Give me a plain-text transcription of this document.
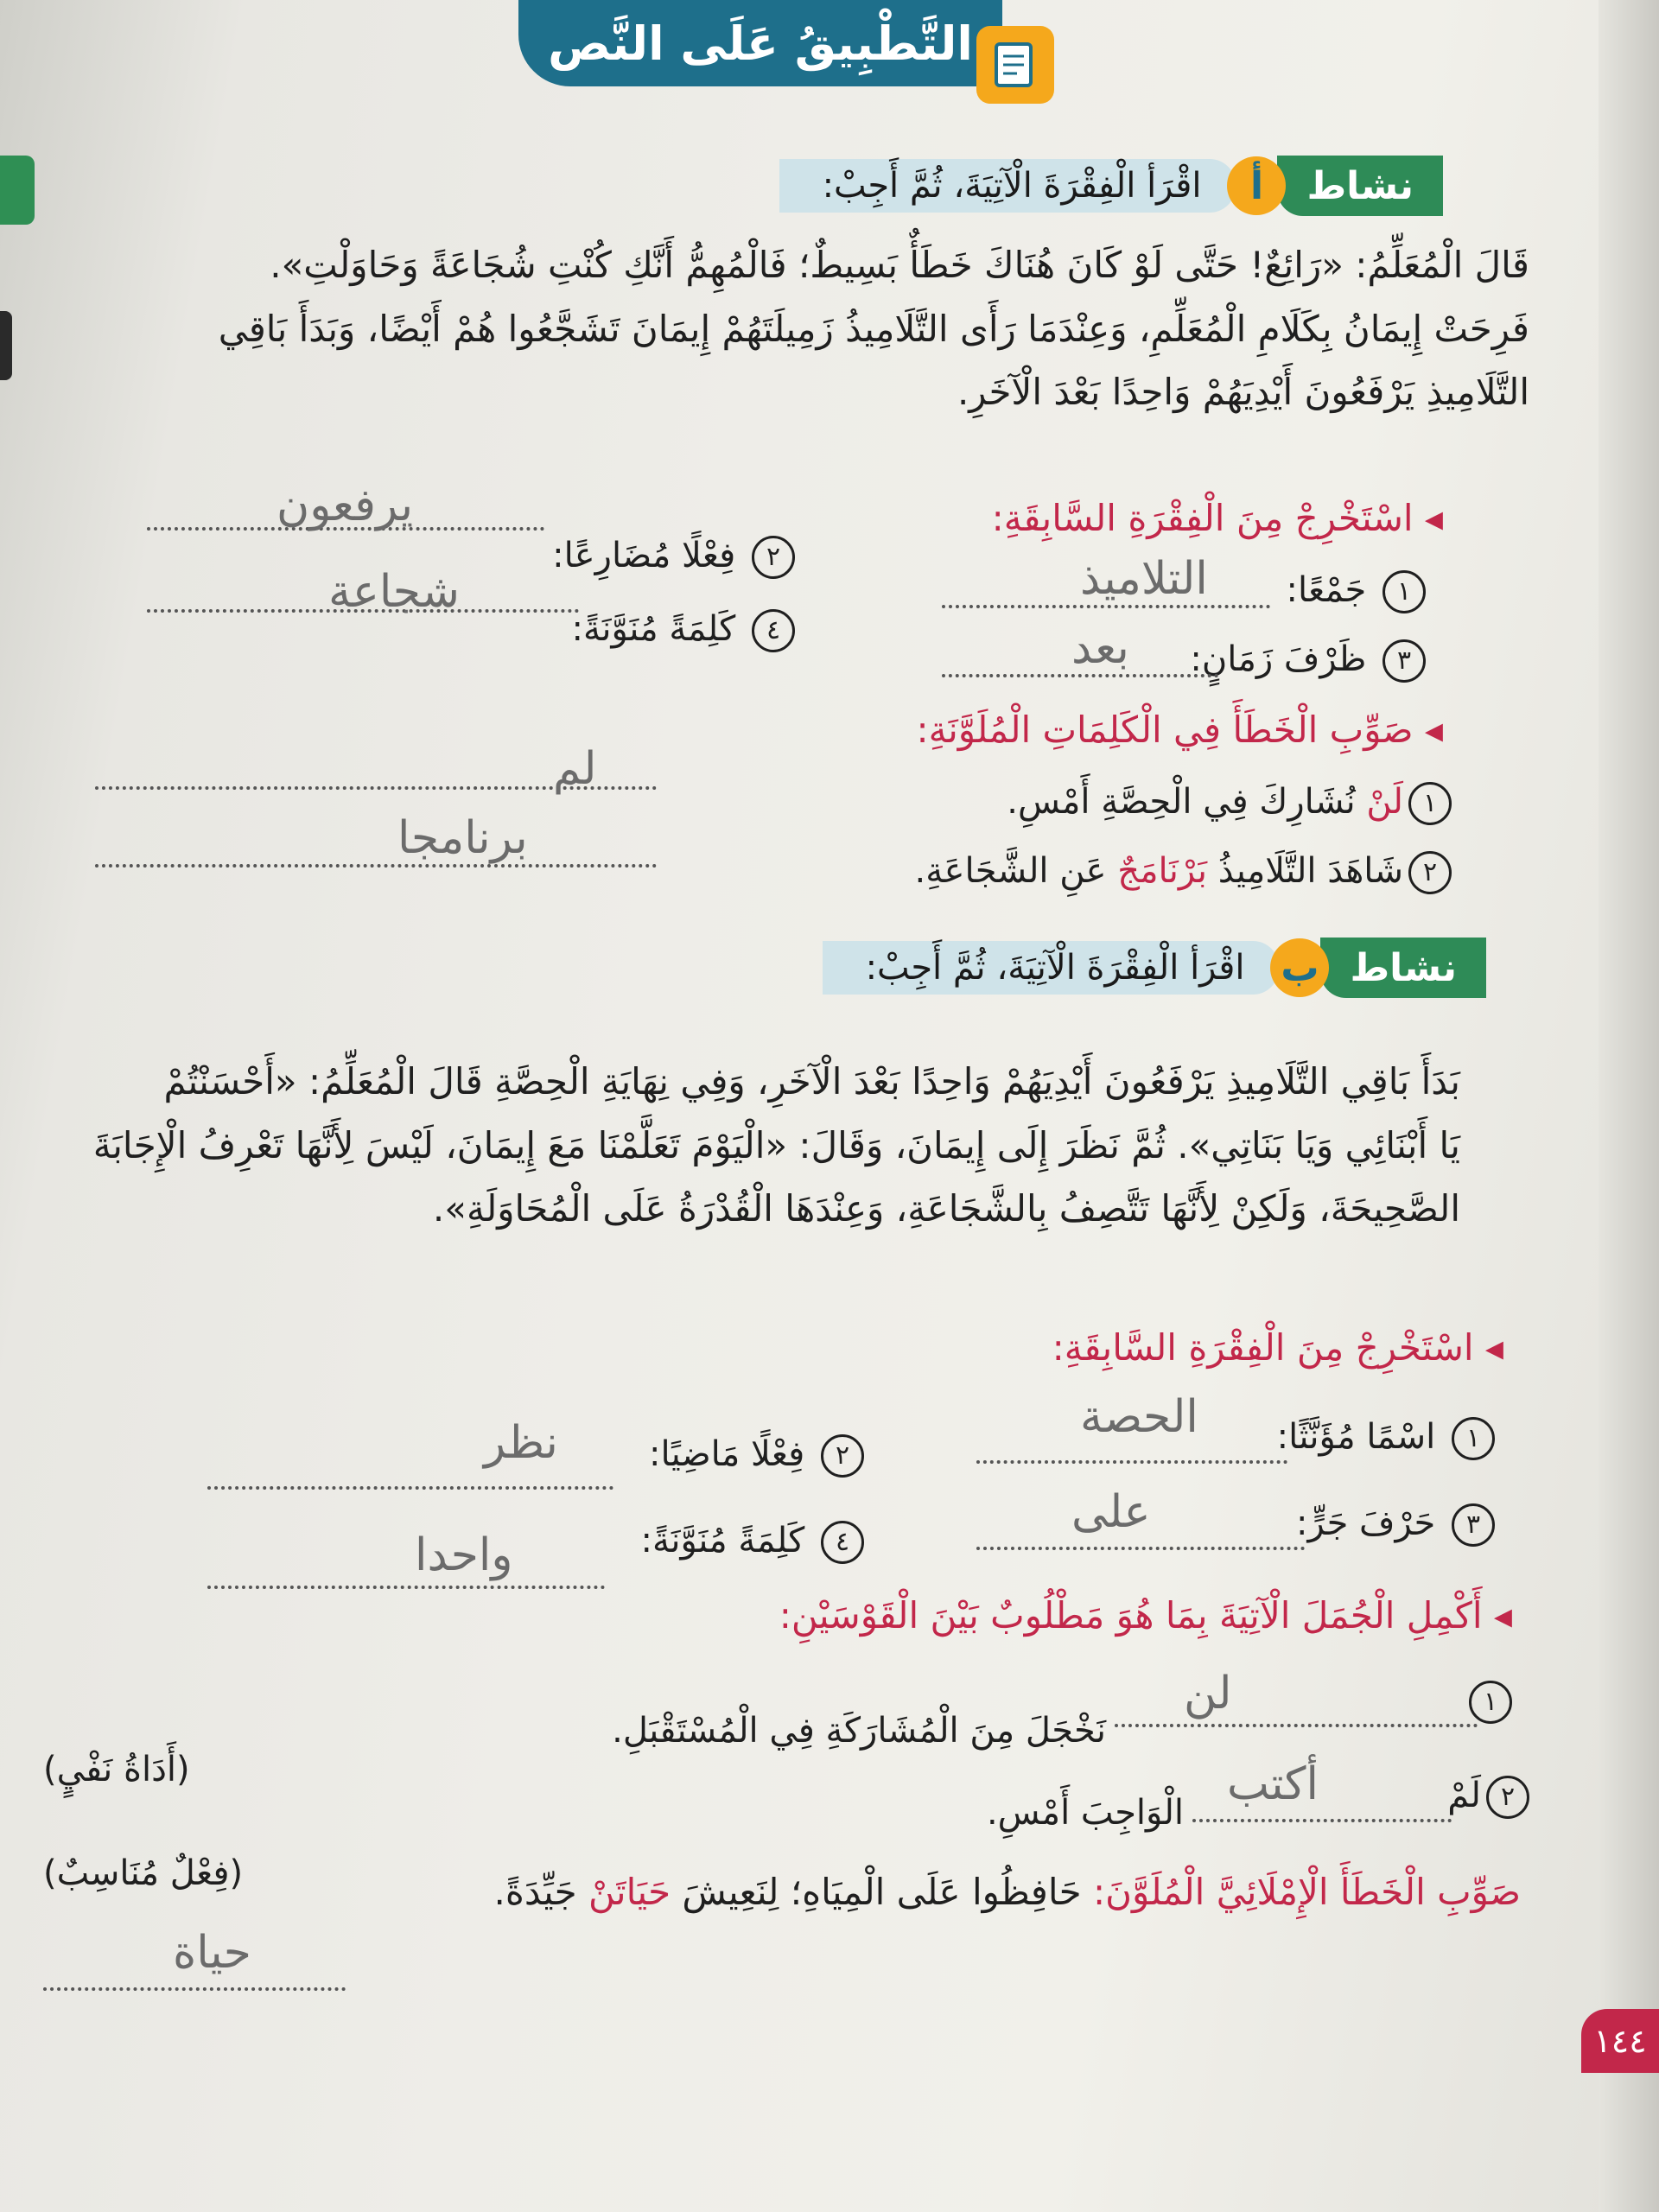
التَّطْبِيقُ عَلَى النَّص
نشاط
أ
اقْرَأ الْفِقْرَةَ الْآتِيَةَ، ثُمَّ أَجِبْ:
قَالَ الْمُعَلِّمُ: «رَائِعٌ! حَتَّى لَوْ كَانَ هُنَاكَ خَطَأٌ بَسِيطٌ؛ فَالْمُهِمُّ أَنَّكِ كُنْتِ شُجَاعَةً وَحَاوَلْتِ».
فَرِحَتْ إِيمَانُ بِكَلَامِ الْمُعَلِّمِ، وَعِنْدَمَا رَأَى التَّلَامِيذُ زَمِيلَتَهُمْ إِيمَانَ تَشَجَّعُوا هُمْ أَيْضًا، وَبَدَأَ بَاقِي
التَّلَامِيذِ يَرْفَعُونَ أَيْدِيَهُمْ وَاحِدًا بَعْدَ الْآخَرِ.
◂ اسْتَخْرِجْ مِنَ الْفِقْرَةِ السَّابِقَةِ:
١ جَمْعًا:
التلاميذ
٢ فِعْلًا مُضَارِعًا:
يرفعون
٣ ظَرْفَ زَمَانٍ:
بعد
٤ كَلِمَةً مُنَوَّنَةً:
شجاعة
◂ صَوِّبِ الْخَطَأَ فِي الْكَلِمَاتِ الْمُلَوَّنَةِ:
١لَنْ نُشَارِكَ فِي الْحِصَّةِ أَمْسِ.
لم
٢شَاهَدَ التَّلَامِيذُ بَرْنَامَجٌ عَنِ الشَّجَاعَةِ.
برنامجا
نشاط
ب
اقْرَأ الْفِقْرَةَ الْآتِيَةَ، ثُمَّ أَجِبْ:
بَدَأَ بَاقِي التَّلَامِيذِ يَرْفَعُونَ أَيْدِيَهُمْ وَاحِدًا بَعْدَ الْآخَرِ، وَفِي نِهَايَةِ الْحِصَّةِ قَالَ الْمُعَلِّمُ: «أَحْسَنْتُمْ
يَا أَبْنَائِي وَيَا بَنَاتِي». ثُمَّ نَظَرَ إِلَى إِيمَانَ، وَقَالَ: «الْيَوْمَ تَعَلَّمْنَا مَعَ إِيمَانَ، لَيْسَ لِأَنَّهَا تَعْرِفُ الْإِجَابَةَ
الصَّحِيحَةَ، وَلَكِنْ لِأَنَّهَا تَتَّصِفُ بِالشَّجَاعَةِ، وَعِنْدَهَا الْقُدْرَةُ عَلَى الْمُحَاوَلَةِ».
◂ اسْتَخْرِجْ مِنَ الْفِقْرَةِ السَّابِقَةِ:
١ اسْمًا مُؤَنَّثًا:
الحصة
٢ فِعْلًا مَاضِيًا:
نظر
٣ حَرْفَ جَرٍّ:
على
٤ كَلِمَةً مُنَوَّنَةً:
واحدا
◂ أَكْمِلِ الْجُمَلَ الْآتِيَةَ بِمَا هُوَ مَطْلُوبٌ بَيْنَ الْقَوْسَيْنِ:
١
لن
نَخْجَلَ مِنَ الْمُشَارَكَةِ فِي الْمُسْتَقْبَلِ.
(أَدَاةُ نَفْيٍ)
٢لَمْ
أكتب
الْوَاجِبَ أَمْسِ.
(فِعْلٌ مُنَاسِبٌ)	صَوِّبِ الْخَطَأَ الْإِمْلَائِيَّ الْمُلَوَّنَ: حَافِظُوا عَلَى الْمِيَاهِ؛ لِنَعِيشَ حَيَاتَنْ جَيِّدَةً.
حياة
١٤٤
